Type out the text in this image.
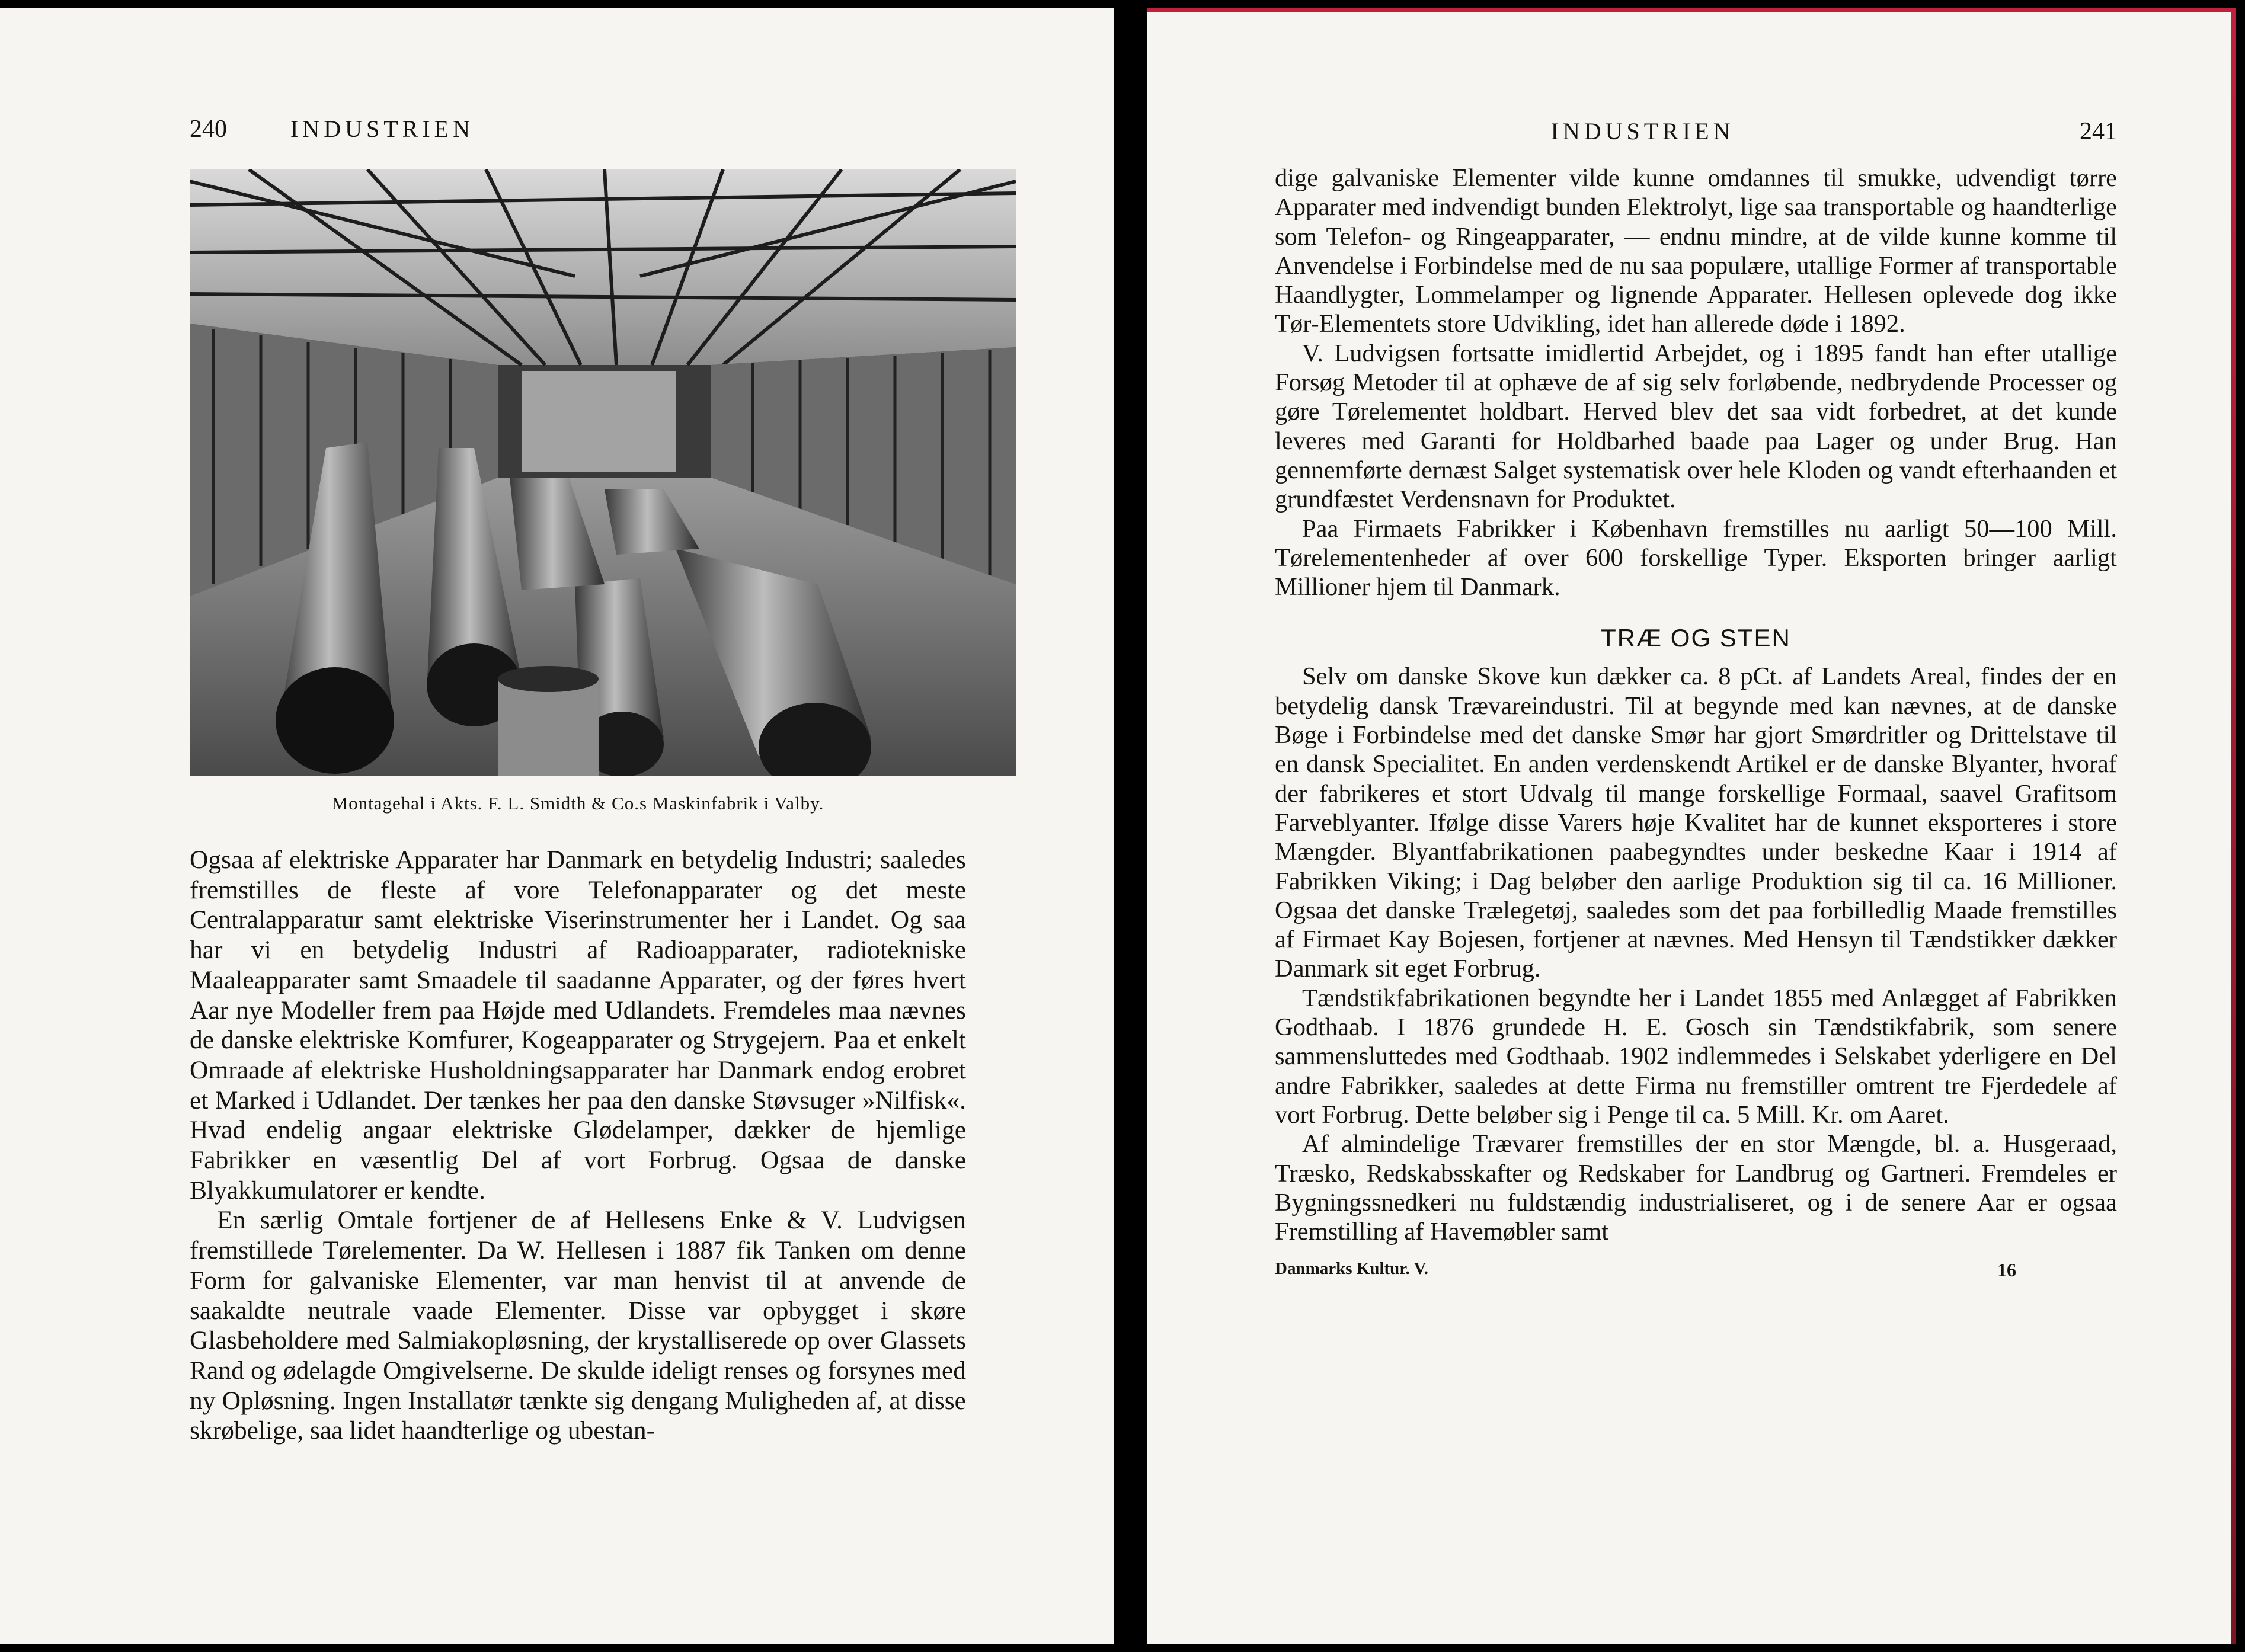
240	INDUSTRIEN
Montagehal i Akts. F. L. Smidth & Co.s Maskinfabrik i Valby.

Ogsaa af elektriske Apparater har Danmark en betydelig Industri; saaledes fremstilles de fleste af vore Telefonapparater og det meste Centralapparatur samt elektriske Viserinstrumenter her i Landet. Og saa har vi en betydelig Industri af Radioapparater, radiotekniske Maaleapparater samt Smaadele til saadanne Apparater, og der føres hvert Aar nye Modeller frem paa Højde med Udlandets. Fremdeles maa nævnes de danske elektriske Komfurer, Kogeapparater og Strygejern. Paa et enkelt Omraade af elektriske Husholdningsapparater har Danmark endog erobret et Marked i Udlandet. Der tænkes her paa den danske Støvsuger »Nilfisk«. Hvad endelig angaar elektriske Glødelamper, dækker de hjemlige Fabrikker en væsentlig Del af vort Forbrug. Ogsaa de danske Blyakkumulatorer er kendte.

En særlig Omtale fortjener de af Hellesens Enke & V. Ludvigsen fremstillede Tørelementer. Da W. Hellesen i 1887 fik Tanken om denne Form for galvaniske Elementer, var man henvist til at anvende de saakaldte neutrale vaade Elementer. Disse var opbygget i skøre Glasbeholdere med Salmiakopløsning, der krystalliserede op over Glassets Rand og ødelagde Omgivelserne. De skulde ideligt renses og forsynes med ny Opløsning. Ingen Installatør tænkte sig dengang Muligheden af, at disse skrøbelige, saa lidet haandterlige og ubestan-

INDUSTRIEN	241

dige galvaniske Elementer vilde kunne omdannes til smukke, udvendigt tørre Apparater med indvendigt bunden Elektrolyt, lige saa transportable og haandterlige som Telefon- og Ringeapparater, — endnu mindre, at de vilde kunne komme til Anvendelse i Forbindelse med de nu saa populære, utallige Former af transportable Haandlygter, Lommelamper og lignende Apparater. Hellesen oplevede dog ikke Tør-Elementets store Udvikling, idet han allerede døde i 1892.

V. Ludvigsen fortsatte imidlertid Arbejdet, og i 1895 fandt han efter utallige Forsøg Metoder til at ophæve de af sig selv forløbende, nedbrydende Processer og gøre Tørelementet holdbart. Herved blev det saa vidt forbedret, at det kunde leveres med Garanti for Holdbarhed baade paa Lager og under Brug. Han gennemførte dernæst Salget systematisk over hele Kloden og vandt efterhaanden et grundfæstet Verdensnavn for Produktet.

Paa Firmaets Fabrikker i København fremstilles nu aarligt 50—100 Mill. Tørelementenheder af over 600 forskellige Typer. Eksporten bringer aarligt Millioner hjem til Danmark.

TRÆ OG STEN

Selv om danske Skove kun dækker ca. 8 pCt. af Landets Areal, findes der en betydelig dansk Trævareindustri. Til at begynde med kan nævnes, at de danske Bøge i Forbindelse med det danske Smør har gjort Smørdritler og Drittelstave til en dansk Specialitet. En anden verdenskendt Artikel er de danske Blyanter, hvoraf der fabrikeres et stort Udvalg til mange forskellige Formaal, saavel Grafitsom Farveblyanter. Ifølge disse Varers høje Kvalitet har de kunnet eksporteres i store Mængder. Blyantfabrikationen paabegyndtes under beskedne Kaar i 1914 af Fabrikken Viking; i Dag beløber den aarlige Produktion sig til ca. 16 Millioner. Ogsaa det danske Trælegetøj, saaledes som det paa forbilledlig Maade fremstilles af Firmaet Kay Bojesen, fortjener at nævnes. Med Hensyn til Tændstikker dækker Danmark sit eget Forbrug.

Tændstikfabrikationen begyndte her i Landet 1855 med Anlægget af Fabrikken Godthaab. I 1876 grundede H. E. Gosch sin Tændstikfabrik, som senere sammensluttedes med Godthaab. 1902 indlemmedes i Selskabet yderligere en Del andre Fabrikker, saaledes at dette Firma nu fremstiller omtrent tre Fjerdedele af vort Forbrug. Dette beløber sig i Penge til ca. 5 Mill. Kr. om Aaret.

Af almindelige Trævarer fremstilles der en stor Mængde, bl. a. Husgeraad, Træsko, Redskabsskafter og Redskaber for Landbrug og Gartneri. Fremdeles er Bygningssnedkeri nu fuldstændig industrialiseret, og i de senere Aar er ogsaa Fremstilling af Havemøbler samt

Danmarks Kultur. V.	16
